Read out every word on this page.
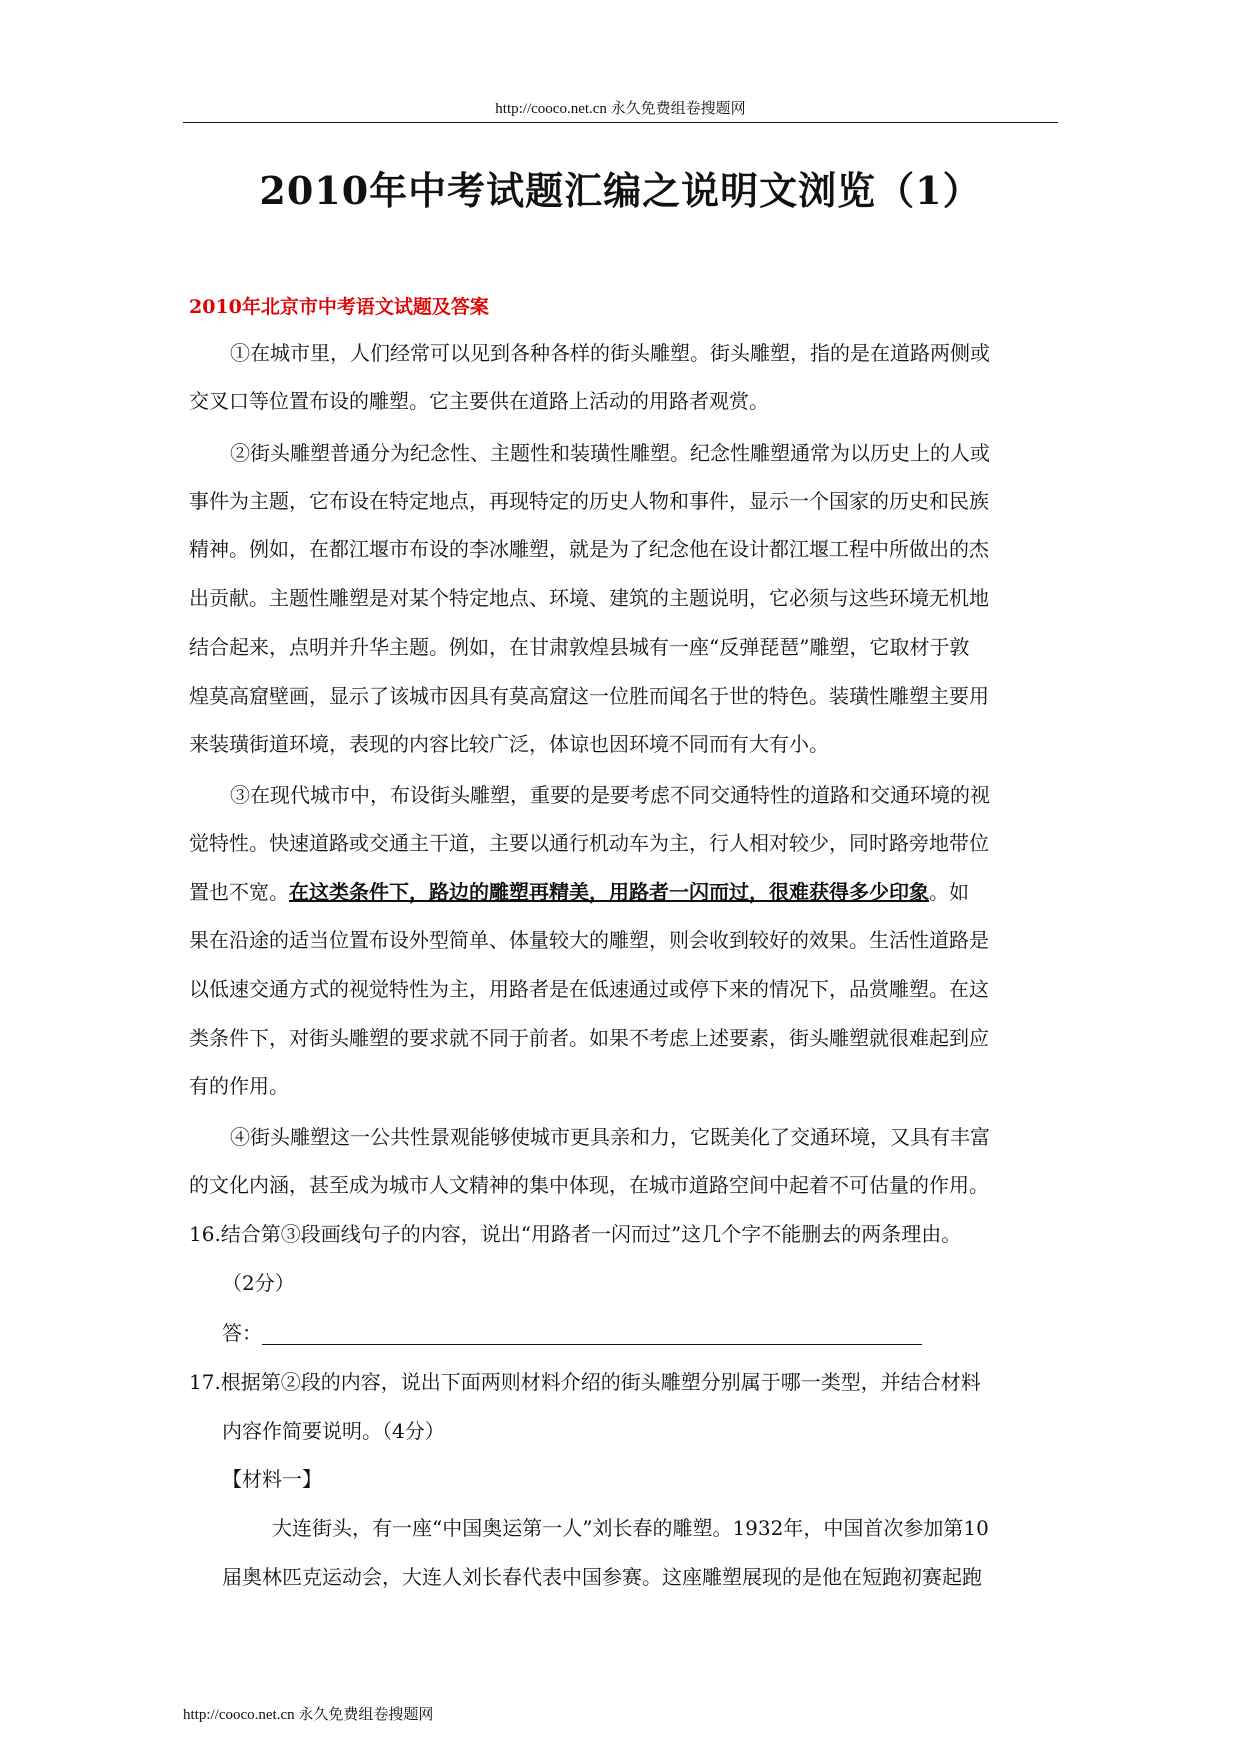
http://cooco.net.cn 永久免费组卷搜题网
2010年中考试题汇编之说明文浏览（1）
2010年北京市中考语文试题及答案
①在城市里，人们经常可以见到各种各样的街头雕塑。街头雕塑，指的是在道路两侧或
交叉口等位置布设的雕塑。它主要供在道路上活动的用路者观赏。
②街头雕塑普通分为纪念性、主题性和装璜性雕塑。纪念性雕塑通常为以历史上的人或
事件为主题，它布设在特定地点，再现特定的历史人物和事件，显示一个国家的历史和民族
精神。例如，在都江堰市布设的李冰雕塑，就是为了纪念他在设计都江堰工程中所做出的杰
出贡献。主题性雕塑是对某个特定地点、环境、建筑的主题说明，它必须与这些环境无机地
结合起来，点明并升华主题。例如，在甘肃敦煌县城有一座“反弹琵琶”雕塑，它取材于敦
煌莫高窟壁画，显示了该城市因具有莫高窟这一位胜而闻名于世的特色。装璜性雕塑主要用
来装璜街道环境，表现的内容比较广泛，体谅也因环境不同而有大有小。
③在现代城市中，布设街头雕塑，重要的是要考虑不同交通特性的道路和交通环境的视
觉特性。快速道路或交通主干道，主要以通行机动车为主，行人相对较少，同时路旁地带位
置也不宽。在这类条件下，路边的雕塑再精美，用路者一闪而过，很难获得多少印象。如
果在沿途的适当位置布设外型简单、体量较大的雕塑，则会收到较好的效果。生活性道路是
以低速交通方式的视觉特性为主，用路者是在低速通过或停下来的情况下，品赏雕塑。在这
类条件下，对街头雕塑的要求就不同于前者。如果不考虑上述要素，街头雕塑就很难起到应
有的作用。
④街头雕塑这一公共性景观能够使城市更具亲和力，它既美化了交通环境，又具有丰富
的文化内涵，甚至成为城市人文精神的集中体现，在城市道路空间中起着不可估量的作用。
16.结合第③段画线句子的内容，说出“用路者一闪而过”这几个字不能删去的两条理由。
（2分）
答：
17.根据第②段的内容，说出下面两则材料介绍的街头雕塑分别属于哪一类型，并结合材料
内容作简要说明。（4分）
【材料一】
大连街头，有一座“中国奥运第一人”刘长春的雕塑。1932年，中国首次参加第10
届奥林匹克运动会，大连人刘长春代表中国参赛。这座雕塑展现的是他在短跑初赛起跑
http://cooco.net.cn 永久免费组卷搜题网
